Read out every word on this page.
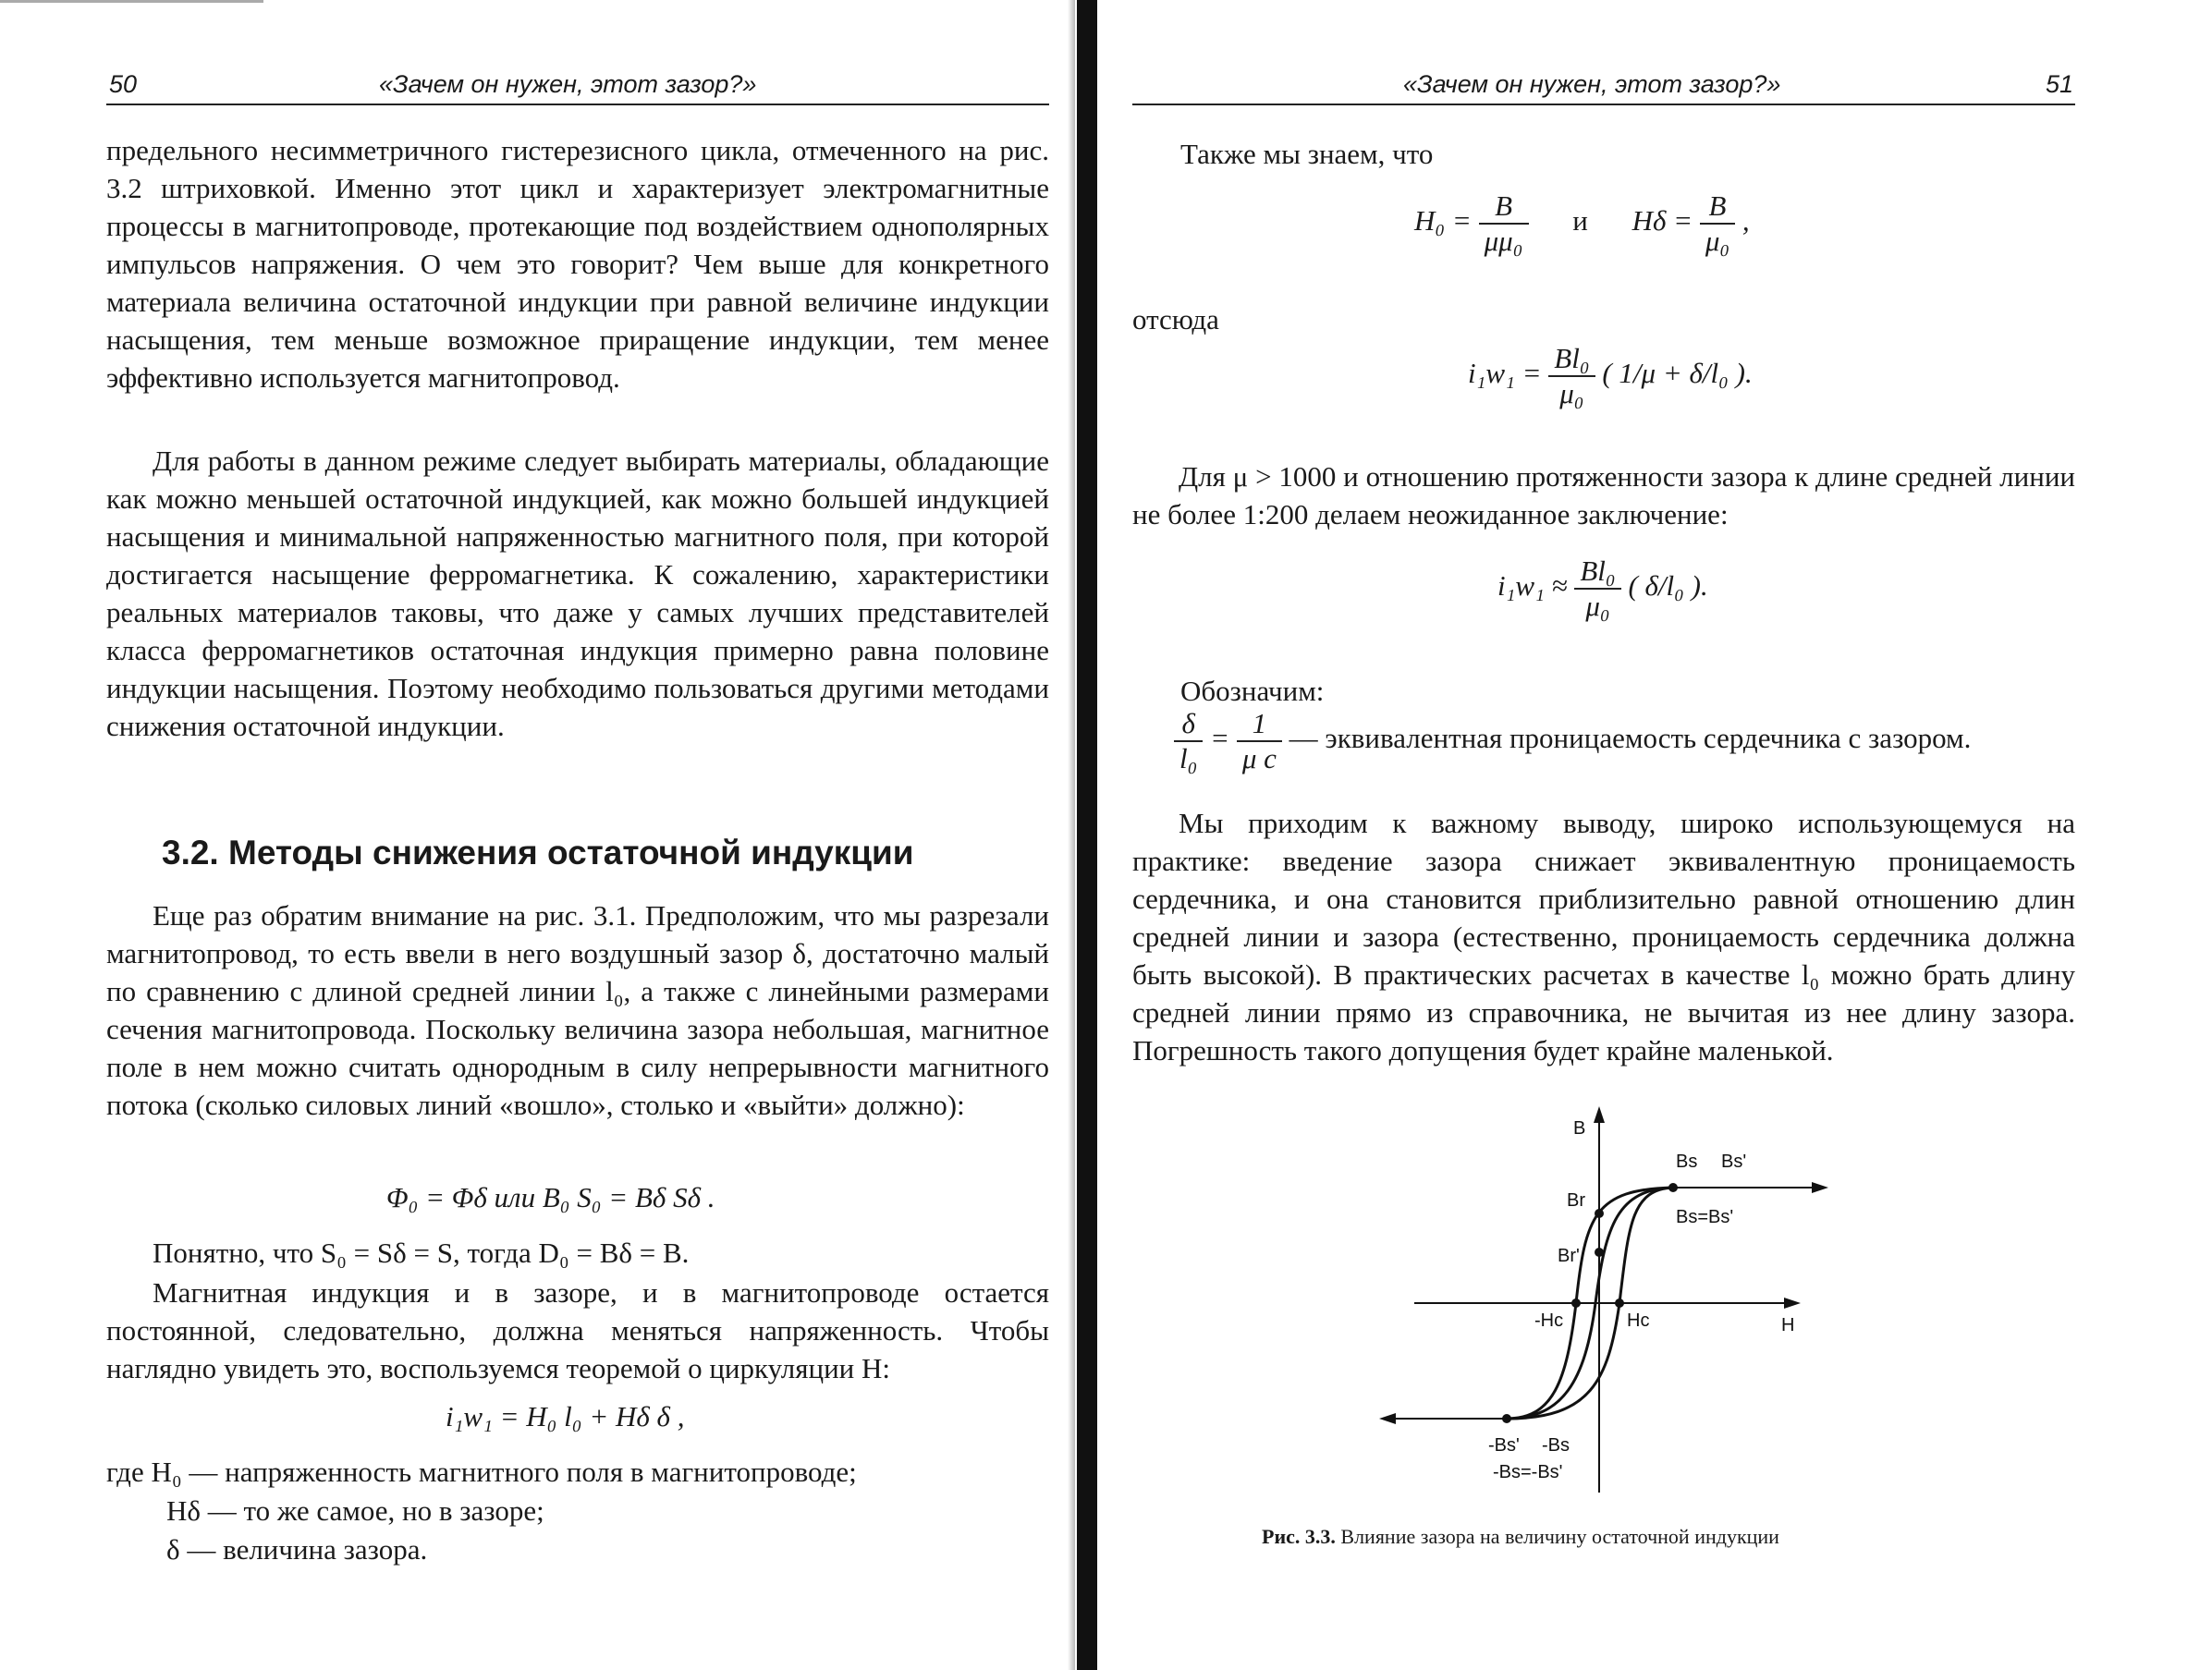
50	«Зачем он нужен, этот зазор?»

предельного несимметричного гистерезисного цикла, отмеченного на рис. 3.2 штриховкой. Именно этот цикл и характеризует электромагнитные процессы в магнитопроводе, протекающие под воздействием однополярных импульсов напряжения. О чем это говорит? Чем выше для конкретного материала величина остаточной индукции при равной величине индукции насыщения, тем меньше возможное приращение индукции, тем менее эффективно используется магнитопровод.

Для работы в данном режиме следует выбирать материалы, обладающие как можно меньшей остаточной индукцией, как можно большей индукцией насыщения и минимальной напряженностью магнитного поля, при которой достигается насыщение ферромагнетика. К сожалению, характеристики реальных материалов таковы, что даже у самых лучших представителей класса ферромагнетиков остаточная индукция примерно равна половине индукции насыщения. Поэтому необходимо пользоваться другими методами снижения остаточной индукции.

3.2. Методы снижения остаточной индукции

Еще раз обратим внимание на рис. 3.1. Предположим, что мы разрезали магнитопровод, то есть ввели в него воздушный зазор δ, достаточно малый по сравнению с длиной средней линии l₀, а также с линейными размерами сечения магнитопровода. Поскольку величина зазора небольшая, магнитное поле в нем можно считать однородным в силу непрерывности магнитного потока (сколько силовых линий «вошло», столько и «выйти» должно):

Φ₀ = Φδ или B₀ S₀ = Bδ Sδ .

Понятно, что S₀ = Sδ = S, тогда D₀ = Bδ = B.

Магнитная индукция и в зазоре, и в магнитопроводе остается постоянной, следовательно, должна меняться напряженность. Чтобы наглядно увидеть это, воспользуемся теоремой о циркуляции H:

i₁w₁ = H₀ l₀ + Hδ δ ,
где H₀ — напряженность магнитного поля в магнитопроводе;
Hδ — то же самое, но в зазоре;
δ — величина зазора.
«Зачем он нужен, этот зазор?»	51
Также мы знаем, что
$H_0 = \frac{B}{\text{μμ₀}}$ и $H\delta = \frac{B}{\text{μ₀}}$ ,
отсюда
$i_1w_1 = \frac{\text{Bl₀}}{\text{μ₀}}$ ( 1/μ + δ/l₀ ).

Для μ > 1000 и отношению протяженности зазора к длине средней линии не более 1:200 делаем неожиданное заключение:

$i_1w_1 \approx \frac{\text{Bl₀}}{\text{μ₀}}$ ( δ/l₀ ).
Обозначим:
$\frac{\delta}{\text{l₀}} = \frac{1}{\text{μ c}}$ — эквивалентная проницаемость сердечника с зазором.

Мы приходим к важному выводу, широко использующемуся на практике: введение зазора снижает эквивалентную проницаемость сердечника, и она становится приблизительно равной отношению длин средней линии и зазора (естественно, проницаемость сердечника должна быть высокой). В практических расчетах в качестве l₀ можно брать длину средней линии прямо из справочника, не вычитая из нее длину зазора. Погрешность такого допущения будет крайне маленькой.

B
H
Bs Bs'
Bs=Bs'
Br
Br'
-Hc	Hc
-Bs' -Bs
-Bs=-Bs'
Рис. 3.3. Влияние зазора на величину остаточной индукции
